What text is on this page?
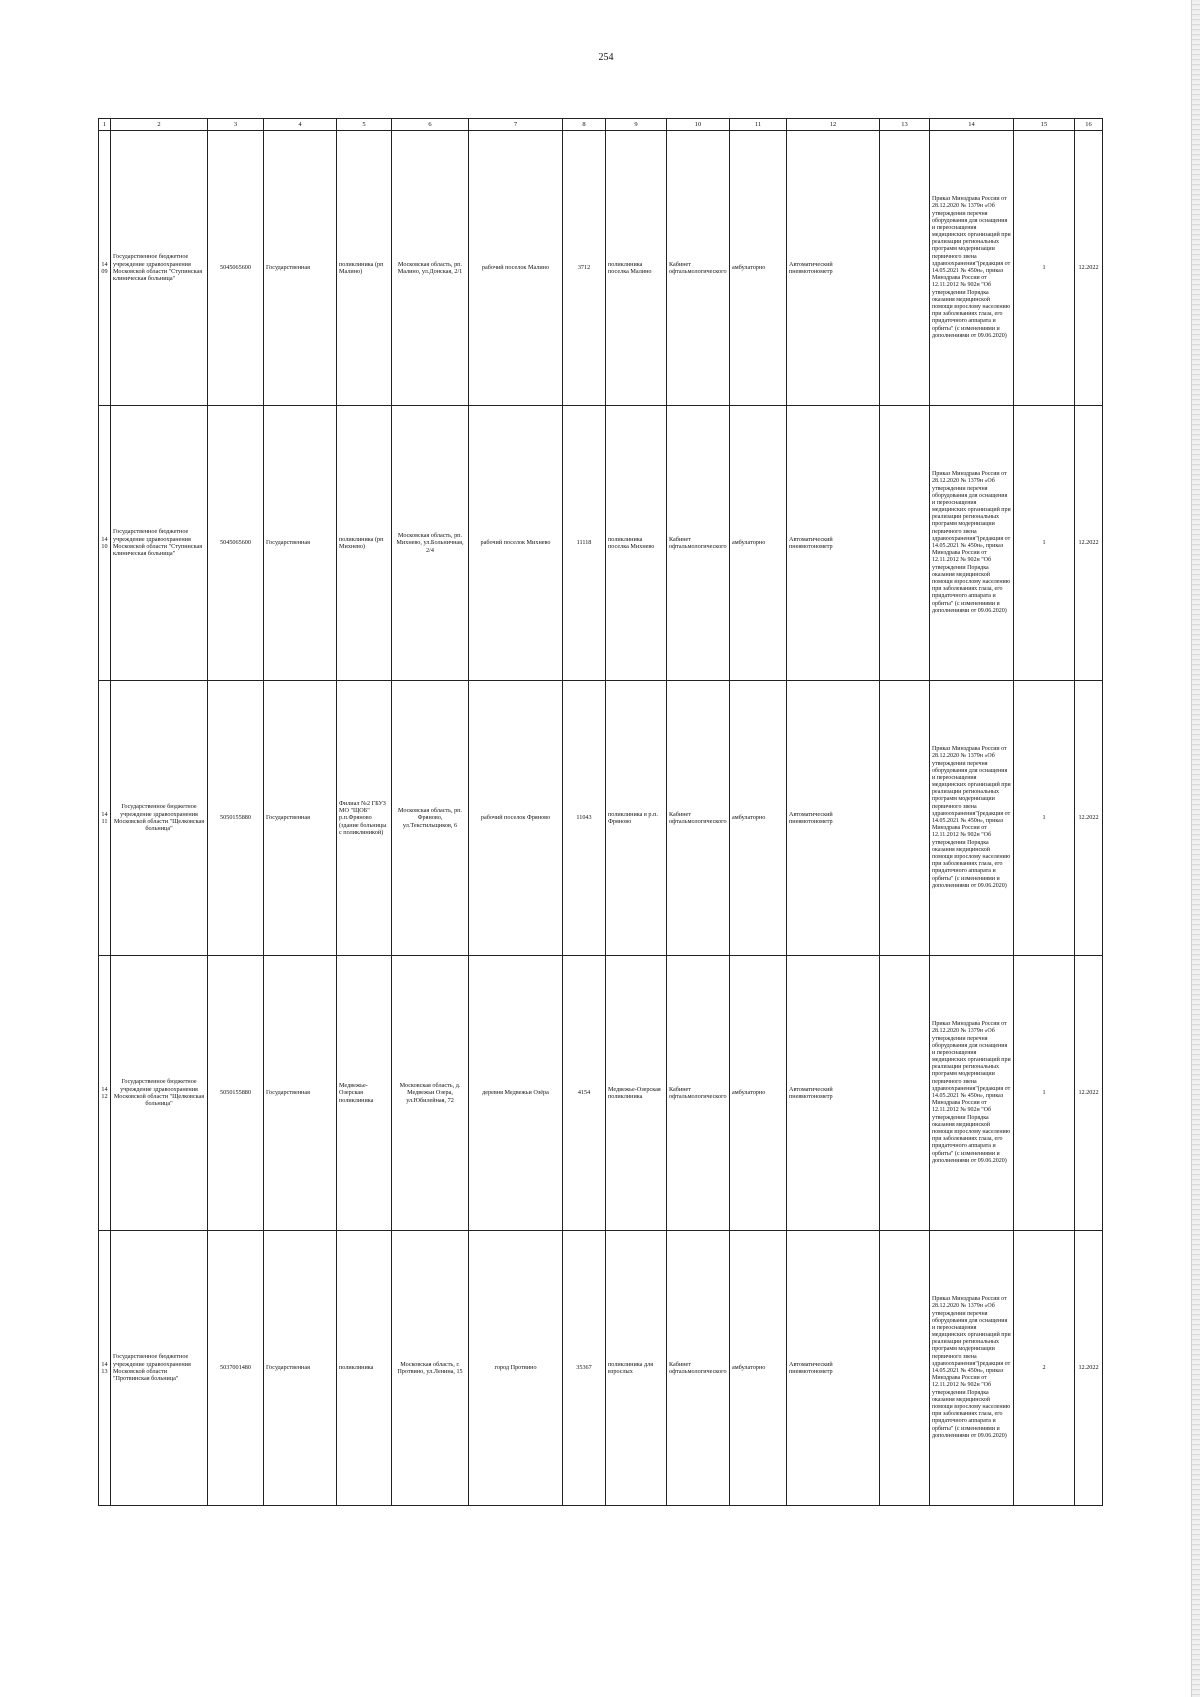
254
1	2	3	4	5	6	7	8	9	10	11	12	13	14	15	16
1409	Государственное бюджетное учреждение здравоохранения Московской области "Ступинская клиническая больница"	5045065600	Государственная	поликлиника (рп Малино)	Московская область, рп. Малино, ул.Донская, 2/1	рабочий поселок Малино	3712	поликлиника поселка Малино	Кабинет офтальмологического	амбулаторно	Автоматический пневмотонометр		Приказ Минздрава России от 28.12.2020 № 1379н «Об утверждении перечня оборудования для оснащения и переоснащения медицинских организаций при реализации региональных программ модернизации первичного звена здравоохранения"(редакция от 14.05.2021 № 450н», приказ Минздрава России от 12.11.2012 № 902н "Об утверждении Порядка оказания медицинской помощи взрослому населению при заболеваниях глаза, его придаточного аппарата и орбиты" (с изменениями и дополнениями от 09.06.2020)	1	12.2022
1410	Государственное бюджетное учреждение здравоохранения Московской области "Ступинская клиническая больница"	5045065600	Государственная	поликлиника (рп Михнево)	Московская область, рп. Михнево, ул.Больничная, 2/4	рабочий поселок Михнево	11118	поликлиника поселка Михнево	Кабинет офтальмологического	амбулаторно	Автоматический пневмотонометр		Приказ Минздрава России от 28.12.2020 № 1379н «Об утверждении перечня оборудования для оснащения и переоснащения медицинских организаций при реализации региональных программ модернизации первичного звена здравоохранения"(редакция от 14.05.2021 № 450н», приказ Минздрава России от 12.11.2012 № 902н "Об утверждении Порядка оказания медицинской помощи взрослому населению при заболеваниях глаза, его придаточного аппарата и орбиты" (с изменениями и дополнениями от 09.06.2020)	1	12.2022
1411	Государственное бюджетное учреждение здравоохранения Московской области "Щелковская больница"	5050155880	Государственная	Филиал №2 ГБУЗ МО "ЩОБ" р.п.Фряново (здание больницы с поликлиникой)	Московская область, рп. Фряново, ул.Текстильщиков, 6	рабочий поселок Фряново	11043	поликлиника в р.п. Фряново	Кабинет офтальмологического	амбулаторно	Автоматический пневмотонометр		Приказ Минздрава России от 28.12.2020 № 1379н «Об утверждении перечня оборудования для оснащения и переоснащения медицинских организаций при реализации региональных программ модернизации первичного звена здравоохранения"(редакция от 14.05.2021 № 450н», приказ Минздрава России от 12.11.2012 № 902н "Об утверждении Порядка оказания медицинской помощи взрослому населению при заболеваниях глаза, его придаточного аппарата и орбиты" (с изменениями и дополнениями от 09.06.2020)	1	12.2022
1412	Государственное бюджетное учреждение здравоохранения Московской области "Щелковская больница"	5050155880	Государственная	Медвежье-Озерская поликлиника	Московская область, д. Медвежьи Озера, ул.Юбилейная, 72	деревня Медвежьи Озёра	4154	Медвежье-Озерская поликлиника	Кабинет офтальмологического	амбулаторно	Автоматический пневмотонометр		Приказ Минздрава России от 28.12.2020 № 1379н «Об утверждении перечня оборудования для оснащения и переоснащения медицинских организаций при реализации региональных программ модернизации первичного звена здравоохранения"(редакция от 14.05.2021 № 450н», приказ Минздрава России от 12.11.2012 № 902н "Об утверждении Порядка оказания медицинской помощи взрослому населению при заболеваниях глаза, его придаточного аппарата и орбиты" (с изменениями и дополнениями от 09.06.2020)	1	12.2022
1413	Государственное бюджетное учреждение здравоохранения Московской области "Протвинская больница"	5037001480	Государственная	поликлиника	Московская область, г. Протвино, ул.Ленина, 15	город Протвино	35367	поликлиника для взрослых	Кабинет офтальмологического	амбулаторно	Автоматический пневмотонометр		Приказ Минздрава России от 28.12.2020 № 1379н «Об утверждении перечня оборудования для оснащения и переоснащения медицинских организаций при реализации региональных программ модернизации первичного звена здравоохранения"(редакция от 14.05.2021 № 450н», приказ Минздрава России от 12.11.2012 № 902н "Об утверждении Порядка оказания медицинской помощи взрослому населению при заболеваниях глаза, его придаточного аппарата и орбиты" (с изменениями и дополнениями от 09.06.2020)	2	12.2022
